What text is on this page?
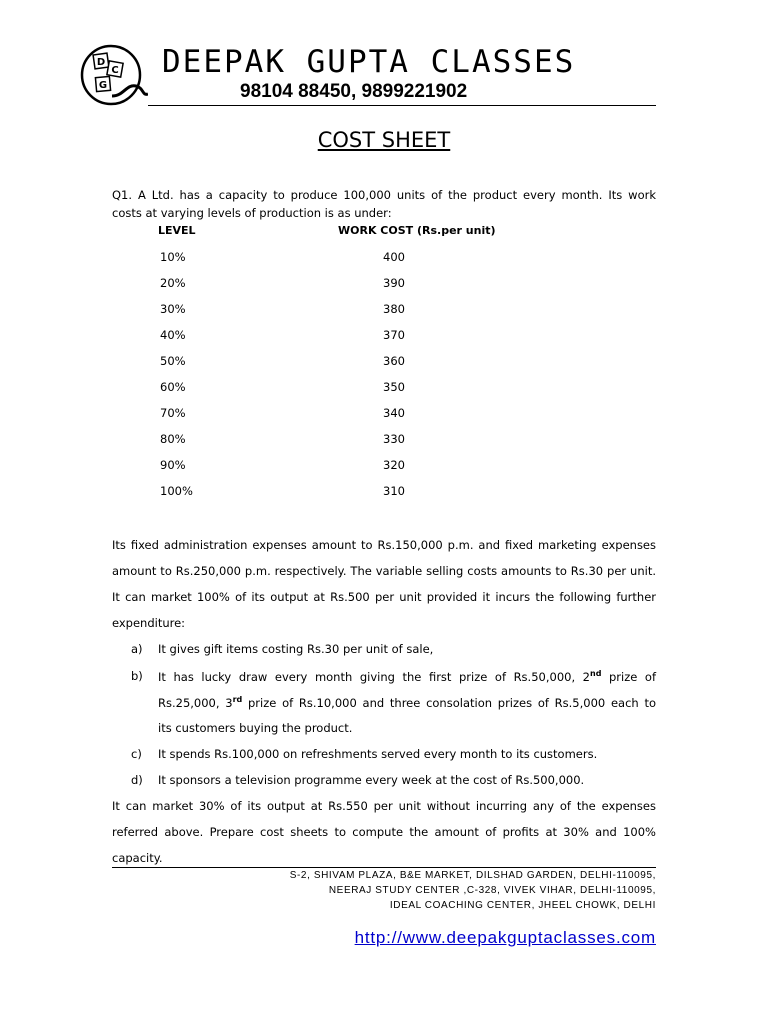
D
C
G
DEEPAK GUPTA CLASSES
98104 88450, 9899221902
COST SHEET
Q1. A Ltd. has a capacity to produce 100,000 units of the product every month. Its work
costs at varying levels of production is as under:
LEVEL	WORK COST (Rs.per unit)
10%	400
20%	390
30%	380
40%	370
50%	360
60%	350
70%	340
80%	330
90%	320
100%	310
Its fixed administration expenses amount to Rs.150,000 p.m. and fixed marketing expenses
amount to Rs.250,000 p.m. respectively. The variable selling costs amounts to Rs.30 per unit.
It can market 100% of its output at Rs.500 per unit provided it incurs the following further
expenditure:
a) It gives gift items costing Rs.30 per unit of sale,
b) It has lucky draw every month giving the first prize of Rs.50,000, 2nd prize of
Rs.25,000, 3rd prize of Rs.10,000 and three consolation prizes of Rs.5,000 each to
its customers buying the product.
c) It spends Rs.100,000 on refreshments served every month to its customers.
d) It sponsors a television programme every week at the cost of Rs.500,000.
It can market 30% of its output at Rs.550 per unit without incurring any of the expenses
referred above. Prepare cost sheets to compute the amount of profits at 30% and 100%
capacity.
S-2, SHIVAM PLAZA, B&E MARKET, DILSHAD GARDEN, DELHI-110095,
NEERAJ STUDY CENTER ,C-328, VIVEK VIHAR, DELHI-110095,
IDEAL COACHING CENTER, JHEEL CHOWK, DELHI
http://www.deepakguptaclasses.com
